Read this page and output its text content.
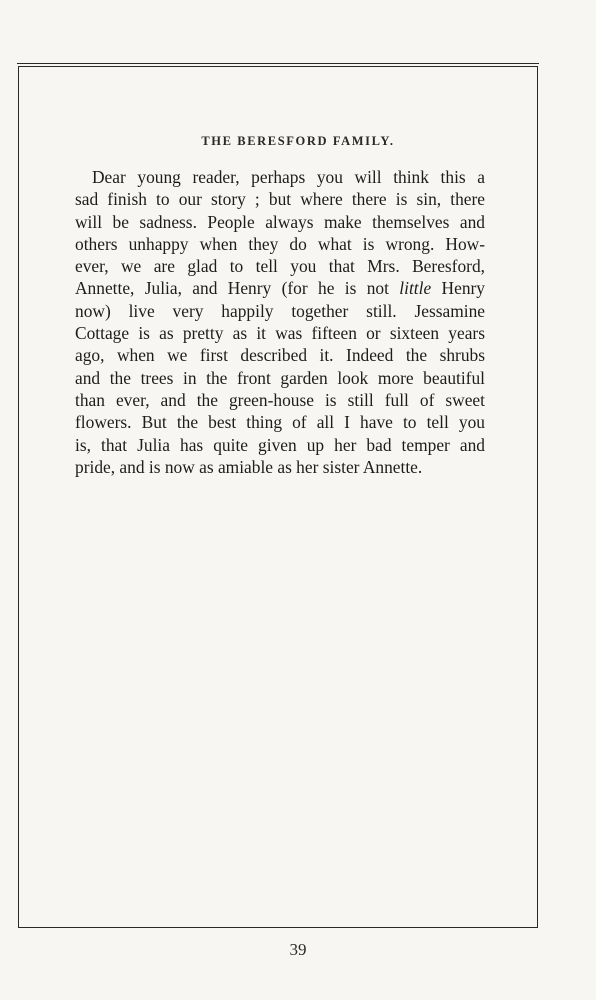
THE BERESFORD FAMILY.
Dear young reader, perhaps you will think this a
sad finish to our story ; but where there is sin, there
will be sadness. People always make themselves and
others unhappy when they do what is wrong. How-
ever, we are glad to tell you that Mrs. Beresford,
Annette, Julia, and Henry (for he is not little Henry
now) live very happily together still. Jessamine
Cottage is as pretty as it was fifteen or sixteen years
ago, when we first described it. Indeed the shrubs
and the trees in the front garden look more beautiful
than ever, and the green-house is still full of sweet
flowers. But the best thing of all I have to tell you
is, that Julia has quite given up her bad temper and
pride, and is now as amiable as her sister Annette.
39
